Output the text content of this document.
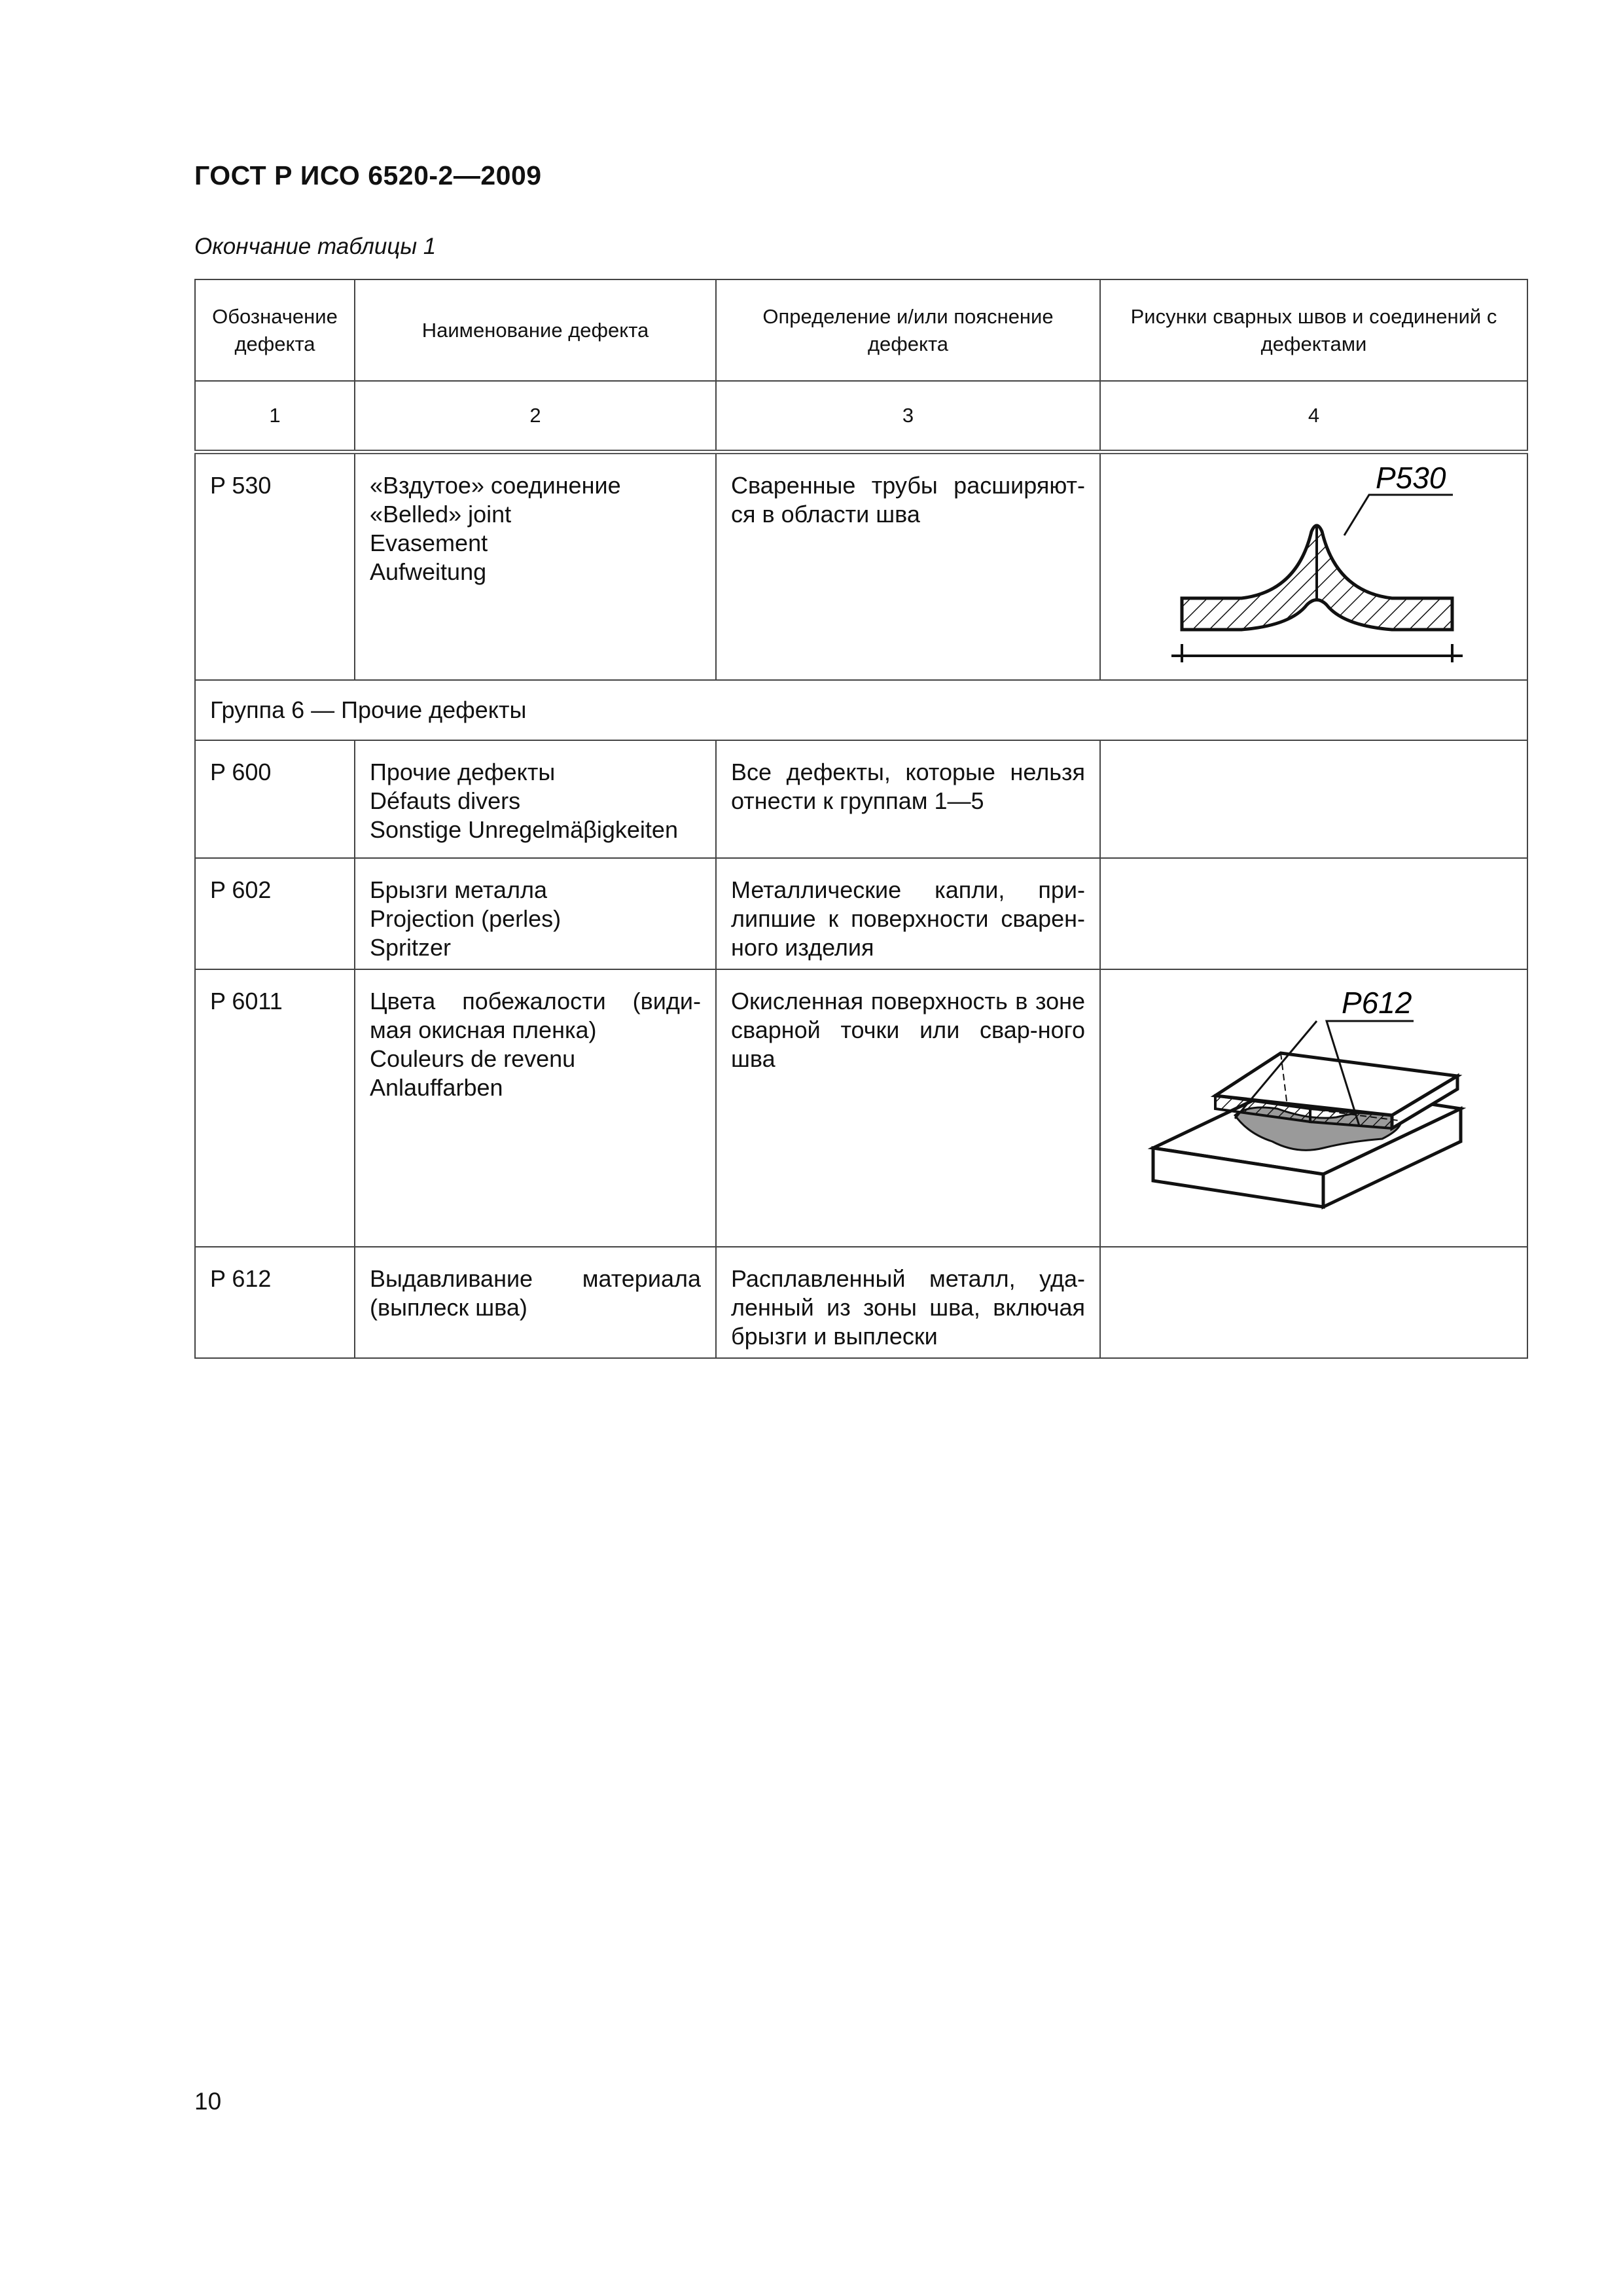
ГОСТ Р ИСО 6520-2—2009
Окончание таблицы 1
Обозначение дефекта	Наименование дефекта	Определение и/или пояснение дефекта	Рисунки сварных швов и соединений с дефектами
1	2	3	4
P 530	«Вздутое» соединение
«Belled» joint
Evasement
Aufweitung	Сваренные трубы расширяют-ся в области шва	P530

Группа 6 — Прочие дефекты			
P 600	Прочие дефекты
Défauts divers
Sonstige Unregelmäβigkeiten	Все дефекты, которые нельзя отнести к группам 1—5	
P 602	Брызги металла
Projection (perles)
Spritzer	Металлические капли, при-липшие к поверхности сварен-ного изделия	
P 6011	Цвета побежалости (види-мая окисная пленка)
Couleurs de revenu
Anlauffarben	Окисленная поверхность в зоне сварной точки или свар-ного шва	P612

P 612	Выдавливание материала (выплеск шва)	Расплавленный металл, уда-ленный из зоны шва, включая брызги и выплески	
10
